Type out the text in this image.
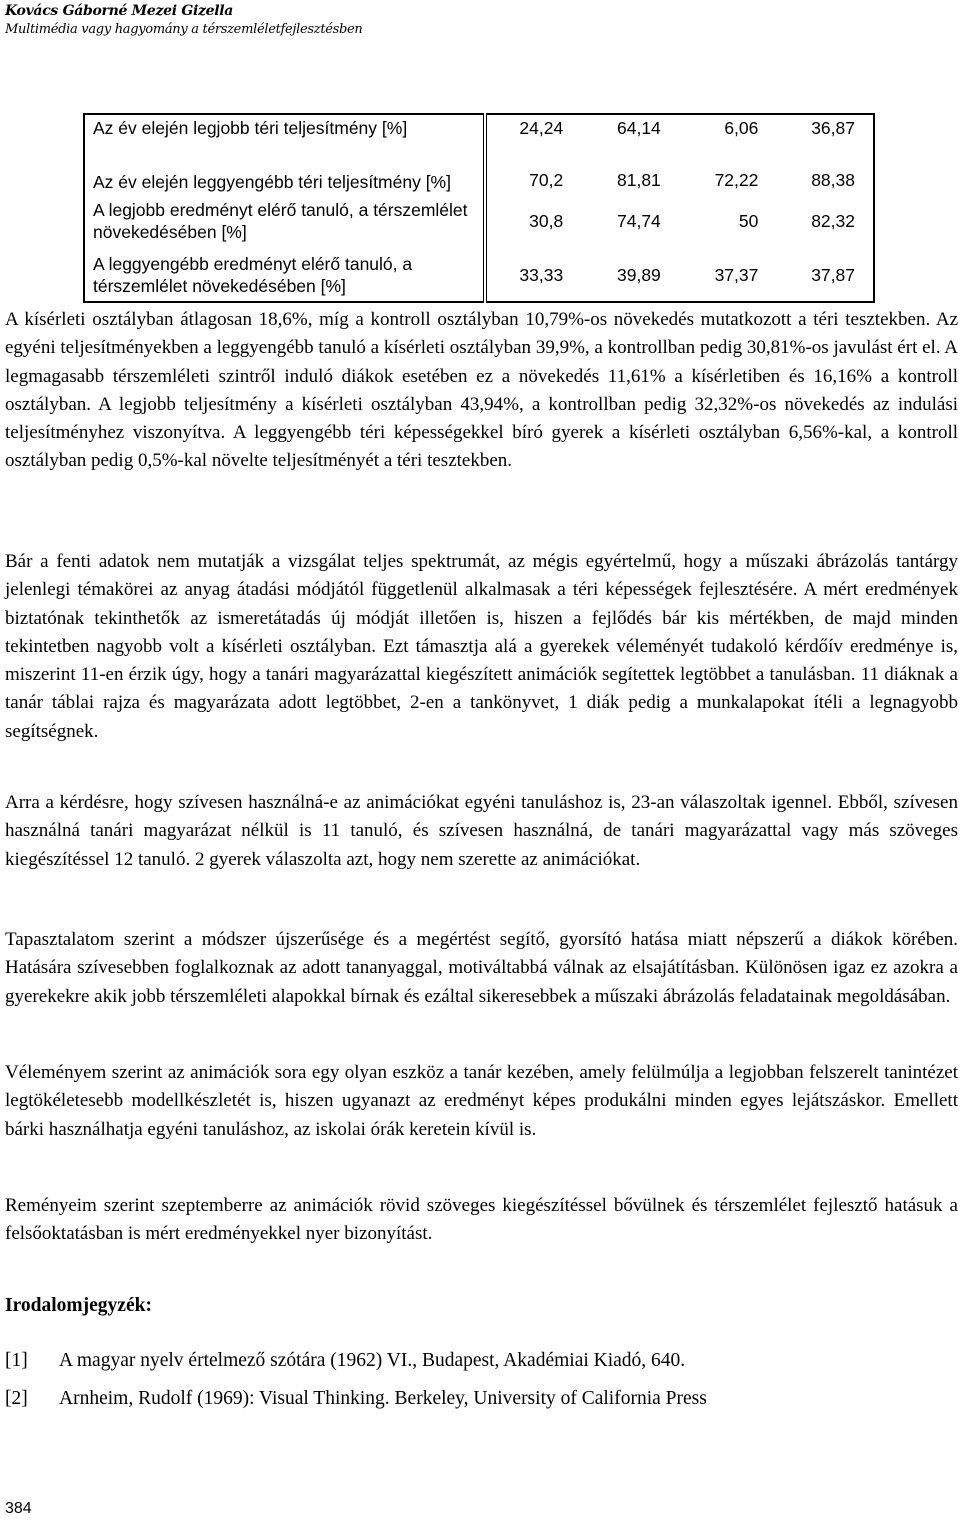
Kovács Gáborné Mezei Gizella
Multimédia vagy hagyomány a térszemléletfejlesztésben
Az év elején legjobb téri teljesítmény [%]	24,24	64,14	6,06	36,87
Az év elején leggyengébb téri teljesítmény [%]	70,2	81,81	72,22	88,38
A legjobb eredményt elérő tanuló, a térszemlélet növekedésében [%]	30,8	74,74	50	82,32
A leggyengébb eredményt elérő tanuló, a térszemlélet növekedésében [%]	33,33	39,89	37,37	37,87

A kísérleti osztályban átlagosan 18,6%, míg a kontroll osztályban 10,79%-os növekedés mutatkozott a téri tesztekben. Az egyéni teljesítményekben a leggyengébb tanuló a kísérleti osztályban 39,9%, a kontrollban pedig 30,81%-os javulást ért el. A legmagasabb térszemléleti szintről induló diákok esetében ez a növekedés 11,61% a kísérletiben és 16,16% a kontroll osztályban. A legjobb teljesítmény a kísérleti osztályban 43,94%, a kontrollban pedig 32,32%-os növekedés az indulási teljesítményhez viszonyítva. A leggyengébb téri képességekkel bíró gyerek a kísérleti osztályban 6,56%-kal, a kontroll osztályban pedig 0,5%-kal növelte teljesítményét a téri tesztekben.

Bár a fenti adatok nem mutatják a vizsgálat teljes spektrumát, az mégis egyértelmű, hogy a műszaki ábrázolás tantárgy jelenlegi témakörei az anyag átadási módjától függetlenül alkalmasak a téri képességek fejlesztésére. A mért eredmények biztatónak tekinthetők az ismeretátadás új módját illetően is, hiszen a fejlődés bár kis mértékben, de majd minden tekintetben nagyobb volt a kísérleti osztályban. Ezt támasztja alá a gyerekek véleményét tudakoló kérdőív eredménye is, miszerint 11-en érzik úgy, hogy a tanári magyarázattal kiegészített animációk segítettek legtöbbet a tanulásban. 11 diáknak a tanár táblai rajza és magyarázata adott legtöbbet, 2-en a tankönyvet, 1 diák pedig a munkalapokat ítéli a legnagyobb segítségnek.

Arra a kérdésre, hogy szívesen használná-e az animációkat egyéni tanuláshoz is, 23-an válaszoltak igennel. Ebből, szívesen használná tanári magyarázat nélkül is 11 tanuló, és szívesen használná, de tanári magyarázattal vagy más szöveges kiegészítéssel 12 tanuló. 2 gyerek válaszolta azt, hogy nem szerette az animációkat.

Tapasztalatom szerint a módszer újszerűsége és a megértést segítő, gyorsító hatása miatt népszerű a diákok körében. Hatására szívesebben foglalkoznak az adott tananyaggal, motiváltabbá válnak az elsajátításban. Különösen igaz ez azokra a gyerekekre akik jobb térszemléleti alapokkal bírnak és ezáltal sikeresebbek a műszaki ábrázolás feladatainak megoldásában.

Véleményem szerint az animációk sora egy olyan eszköz a tanár kezében, amely felülmúlja a legjobban felszerelt tanintézet legtökéletesebb modellkészletét is, hiszen ugyanazt az eredményt képes produkálni minden egyes lejátszáskor. Emellett bárki használhatja egyéni tanuláshoz, az iskolai órák keretein kívül is.

Reményeim szerint szeptemberre az animációk rövid szöveges kiegészítéssel bővülnek és térszemlélet fejlesztő hatásuk a felsőoktatásban is mért eredményekkel nyer bizonyítást.

Irodalomjegyzék:
[1] A magyar nyelv értelmező szótára (1962) VI., Budapest, Akadémiai Kiadó, 640.
[2] Arnheim, Rudolf (1969): Visual Thinking. Berkeley, University of California Press
384
